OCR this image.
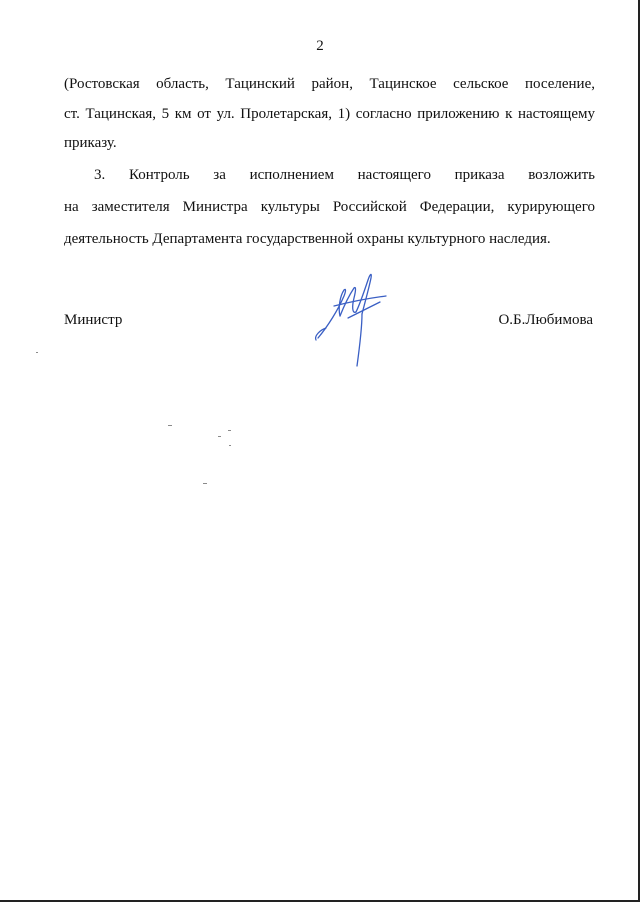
2
(Ростовская область, Тацинский район, Тацинское сельское поселение,
ст. Тацинская, 5 км от ул. Пролетарская, 1) согласно приложению к настоящему
приказу.
3. Контроль за исполнением настоящего приказа возложить
на заместителя Министра культуры Российской Федерации, курирующего
деятельность Департамента государственной охраны культурного наследия.
Министр	О.Б.Любимова
